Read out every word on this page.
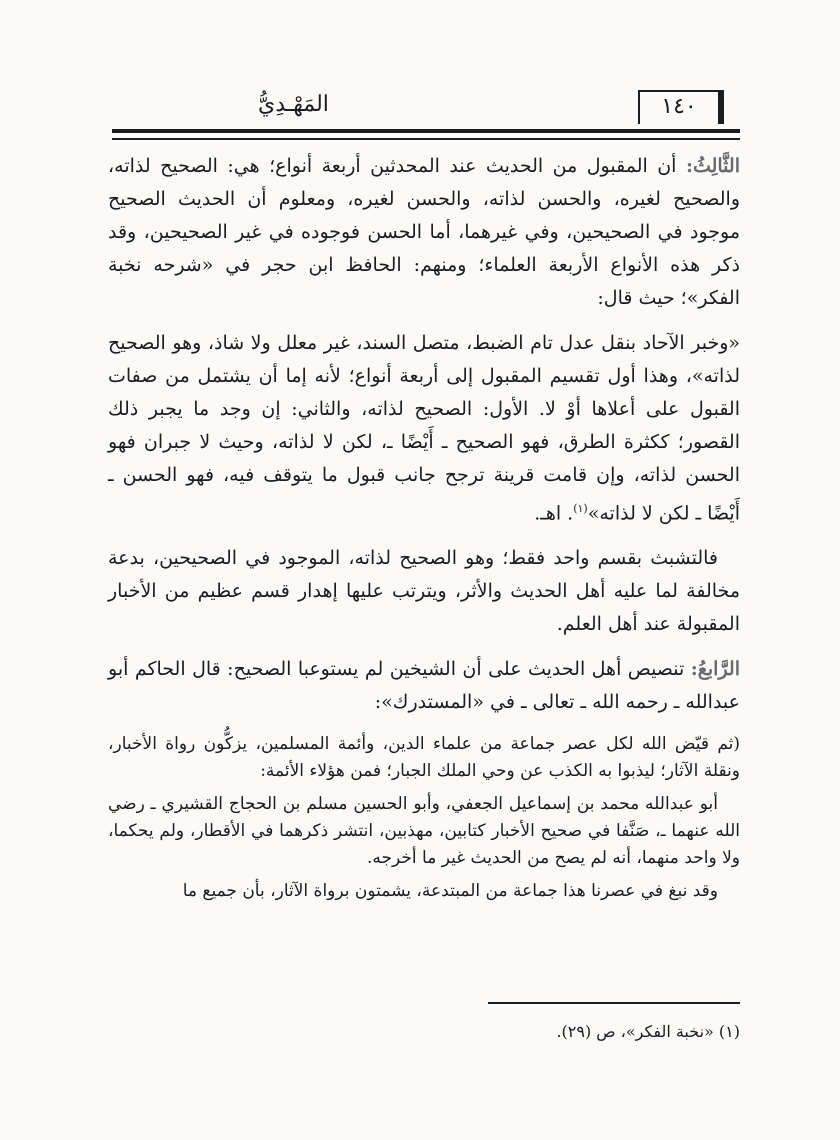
١٤٠
المَهْـدِيُّ

الثَّالِثُ: أن المقبول من الحديث عند المحدثين أربعة أنواع؛ هي: الصحيح لذاته، والصحيح لغيره، والحسن لذاته، والحسن لغيره، ومعلوم أن الحديث الصحيح موجود في الصحيحين، وفي غيرهما، أما الحسن فوجوده في غير الصحيحين، وقد ذكر هذه الأنواع الأربعة العلماء؛ ومنهم: الحافظ ابن حجر في «شرحه نخبة الفكر»؛ حيث قال:

«وخبر الآحاد بنقل عدل تام الضبط، متصل السند، غير معلل ولا شاذ، وهو الصحيح لذاته»، وهذا أول تقسيم المقبول إلى أربعة أنواع؛ لأنه إما أن يشتمل من صفات القبول على أعلاها أوْ لا. الأول: الصحيح لذاته، والثاني: إن وجد ما يجبر ذلك القصور؛ ككثرة الطرق، فهو الصحيح ـ أَيْضًا ـ، لكن لا لذاته، وحيث لا جبران فهو الحسن لذاته، وإن قامت قرينة ترجح جانب قبول ما يتوقف فيه، فهو الحسن ـ أَيْضًا ـ لكن لا لذاته»$^{(١)}$. اهـ.

فالتشبث بقسم واحد فقط؛ وهو الصحيح لذاته، الموجود في الصحيحين، بدعة مخالفة لما عليه أهل الحديث والأثر، ويترتب عليها إهدار قسم عظيم من الأخبار المقبولة عند أهل العلم.

الرَّابعُ: تنصيص أهل الحديث على أن الشيخين لم يستوعبا الصحيح: قال الحاكم أبو عبدالله ـ رحمه الله ـ تعالى ـ في «المستدرك»:

(ثم قيّض الله لكل عصر جماعة من علماء الدين، وأئمة المسلمين، يزكُّون رواة الأخبار، ونقلة الآثار؛ ليذبوا به الكذب عن وحي الملك الجبار؛ فمن هؤلاء الأئمة:

أبو عبدالله محمد بن إسماعيل الجعفي، وأبو الحسين مسلم بن الحجاج القشيري ـ رضي الله عنهما ـ، صَنَّفا في صحيح الأخبار كتابين، مهذبين، انتشر ذكرهما في الأقطار، ولم يحكما، ولا واحد منهما، أنه لم يصح من الحديث غير ما أخرجه.

وقد نبغ في عصرنا هذا جماعة من المبتدعة، يشمتون برواة الآثار، بأن جميع ما

(١) «نخبة الفكر»، ص (٢٩).
